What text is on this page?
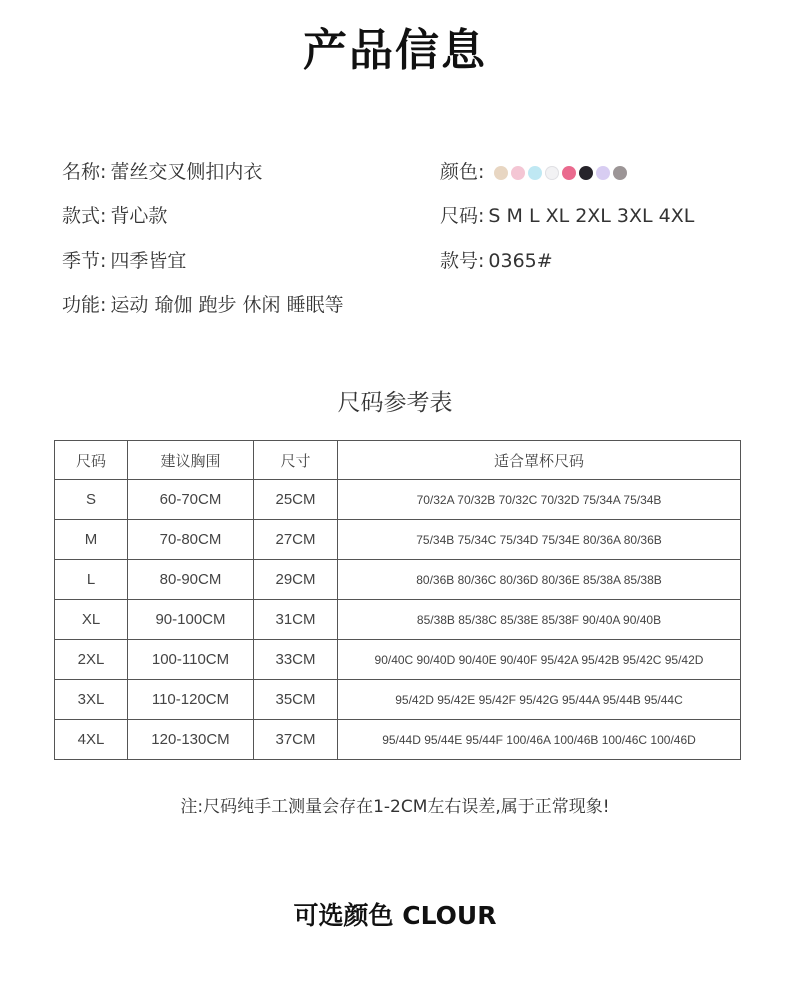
产品信息
名称: 蕾丝交叉侧扣内衣
款式: 背心款
季节: 四季皆宜
功能: 运动 瑜伽 跑步 休闲 睡眠等
颜色:
尺码: S M L XL 2XL 3XL 4XL
款号: 0365#
尺码参考表
尺码	建议胸围	尺寸	适合罩杯尺码
S	60-70CM	25CM	70/32A 70/32B 70/32C 70/32D 75/34A 75/34B
M	70-80CM	27CM	75/34B 75/34C 75/34D 75/34E 80/36A 80/36B
L	80-90CM	29CM	80/36B 80/36C 80/36D 80/36E 85/38A 85/38B
XL	90-100CM	31CM	85/38B 85/38C 85/38E 85/38F 90/40A 90/40B
2XL	100-110CM	33CM	90/40C 90/40D 90/40E 90/40F 95/42A 95/42B 95/42C 95/42D
3XL	110-120CM	35CM	95/42D 95/42E 95/42F 95/42G 95/44A 95/44B 95/44C
4XL	120-130CM	37CM	95/44D 95/44E 95/44F 100/46A 100/46B 100/46C 100/46D
注:尺码纯手工测量会存在1-2CM左右误差,属于正常现象!
可选颜色 CLOUR
